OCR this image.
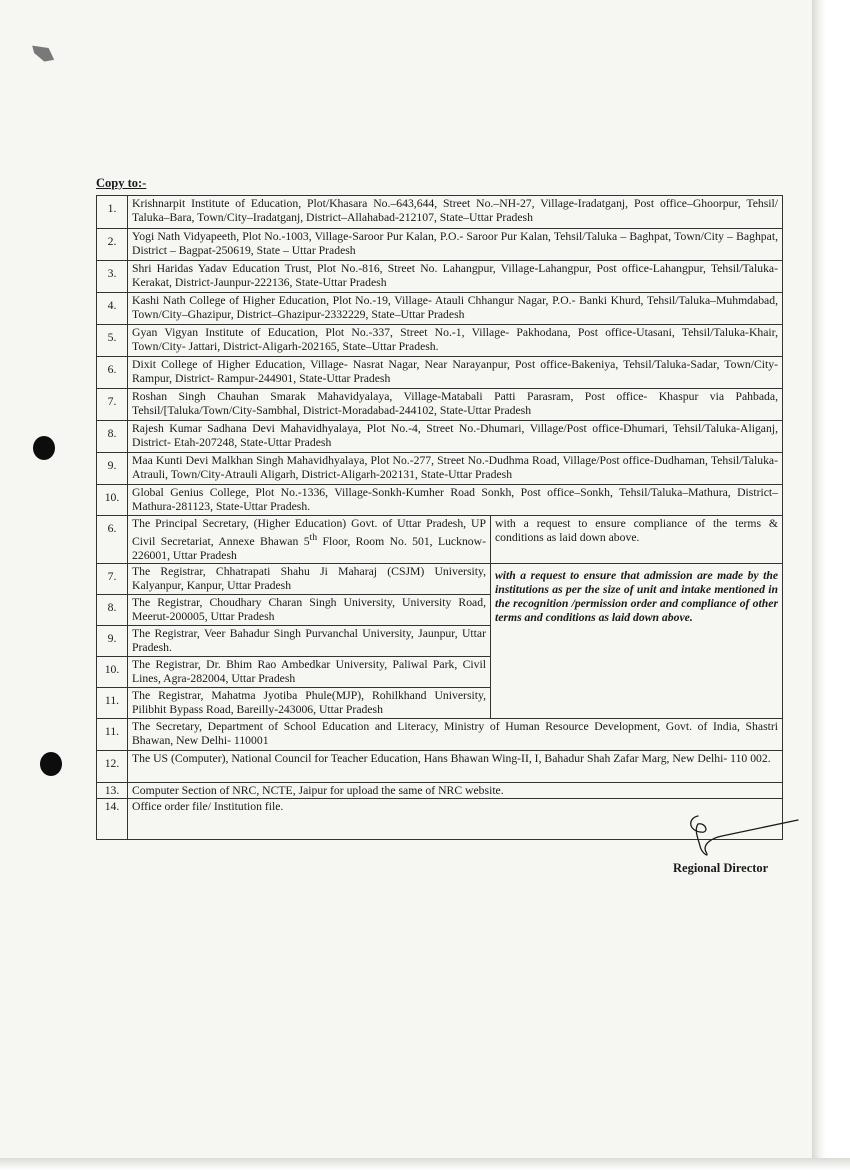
Copy to:-
1.	Krishnarpit Institute of Education, Plot/Khasara No.–643,644, Street No.–NH-27, Village-Iradatganj, Post office–Ghoorpur, Tehsil/ Taluka–Bara, Town/City–Iradatganj, District–Allahabad-212107, State–Uttar Pradesh	
2.	Yogi Nath Vidyapeeth, Plot No.-1003, Village-Saroor Pur Kalan, P.O.- Saroor Pur Kalan, Tehsil/Taluka – Baghpat, Town/City – Baghpat, District – Bagpat-250619, State – Uttar Pradesh	
3.	Shri Haridas Yadav Education Trust, Plot No.-816, Street No. Lahangpur, Village-Lahangpur, Post office-Lahangpur, Tehsil/Taluka- Kerakat, District-Jaunpur-222136, State-Uttar Pradesh	
4.	Kashi Nath College of Higher Education, Plot No.-19, Village- Atauli Chhangur Nagar, P.O.- Banki Khurd, Tehsil/Taluka–Muhmdabad, Town/City–Ghazipur, District–Ghazipur-2332229, State–Uttar Pradesh	
5.	Gyan Vigyan Institute of Education, Plot No.-337, Street No.-1, Village- Pakhodana, Post office-Utasani, Tehsil/Taluka-Khair, Town/City- Jattari, District-Aligarh-202165, State–Uttar Pradesh.	
6.	Dixit College of Higher Education, Village- Nasrat Nagar, Near Narayanpur, Post office-Bakeniya, Tehsil/Taluka-Sadar, Town/City- Rampur, District- Rampur-244901, State-Uttar Pradesh	
7.	Roshan Singh Chauhan Smarak Mahavidyalaya, Village-Matabali Patti Parasram, Post office- Khaspur via Pahbada, Tehsil/[Taluka/Town/City-Sambhal, District-Moradabad-244102, State-Uttar Pradesh	
8.	Rajesh Kumar Sadhana Devi Mahavidhyalaya, Plot No.-4, Street No.-Dhumari, Village/Post office-Dhumari, Tehsil/Taluka-Aliganj, District- Etah-207248, State-Uttar Pradesh	
9.	Maa Kunti Devi Malkhan Singh Mahavidhyalaya, Plot No.-277, Street No.-Dudhma Road, Village/Post office-Dudhaman, Tehsil/Taluka-Atrauli, Town/City-Atrauli Aligarh, District-Aligarh-202131, State-Uttar Pradesh	
10.	Global Genius College, Plot No.-1336, Village-Sonkh-Kumher Road Sonkh, Post office–Sonkh, Tehsil/Taluka–Mathura, District–Mathura-281123, State-Uttar Pradesh.	
6.	The Principal Secretary, (Higher Education) Govt. of Uttar Pradesh, UP Civil Secretariat, Annexe Bhawan 5th Floor, Room No. 501, Lucknow-226001, Uttar Pradesh	with a request to ensure compliance of the terms & conditions as laid down above.
7.	The Registrar, Chhatrapati Shahu Ji Maharaj (CSJM) University, Kalyanpur, Kanpur, Uttar Pradesh	with a request to ensure that admission are made by the institutions as per the size of unit and intake mentioned in the recognition /permission order and compliance of other terms and conditions as laid down above.
8.	The Registrar, Choudhary Charan Singh University, University Road, Meerut-200005, Uttar Pradesh	
9.	The Registrar, Veer Bahadur Singh Purvanchal University, Jaunpur, Uttar Pradesh.	
10.	The Registrar, Dr. Bhim Rao Ambedkar University, Paliwal Park, Civil Lines, Agra-282004, Uttar Pradesh	
11.	The Registrar, Mahatma Jyotiba Phule(MJP), Rohilkhand University, Pilibhit Bypass Road, Bareilly-243006, Uttar Pradesh	
11.	The Secretary, Department of School Education and Literacy, Ministry of Human Resource Development, Govt. of India, Shastri Bhawan, New Delhi- 110001	
12.	The US (Computer), National Council for Teacher Education, Hans Bhawan Wing-II, I, Bahadur Shah Zafar Marg, New Delhi- 110 002.	
13.	Computer Section of NRC, NCTE, Jaipur for upload the same of NRC website.	
14.	Office order file/ Institution file.	
Regional Director
